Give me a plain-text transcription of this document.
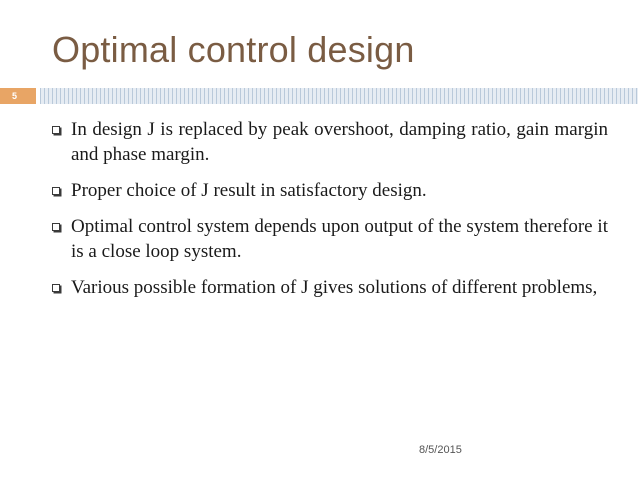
Optimal control design
5
In design J is replaced by peak overshoot, damping ratio, gain margin and phase margin.
Proper choice of J result in satisfactory design.
Optimal control system depends upon output of the system therefore it is a close loop system.
Various possible formation of J gives solutions of different problems,
8/5/2015
